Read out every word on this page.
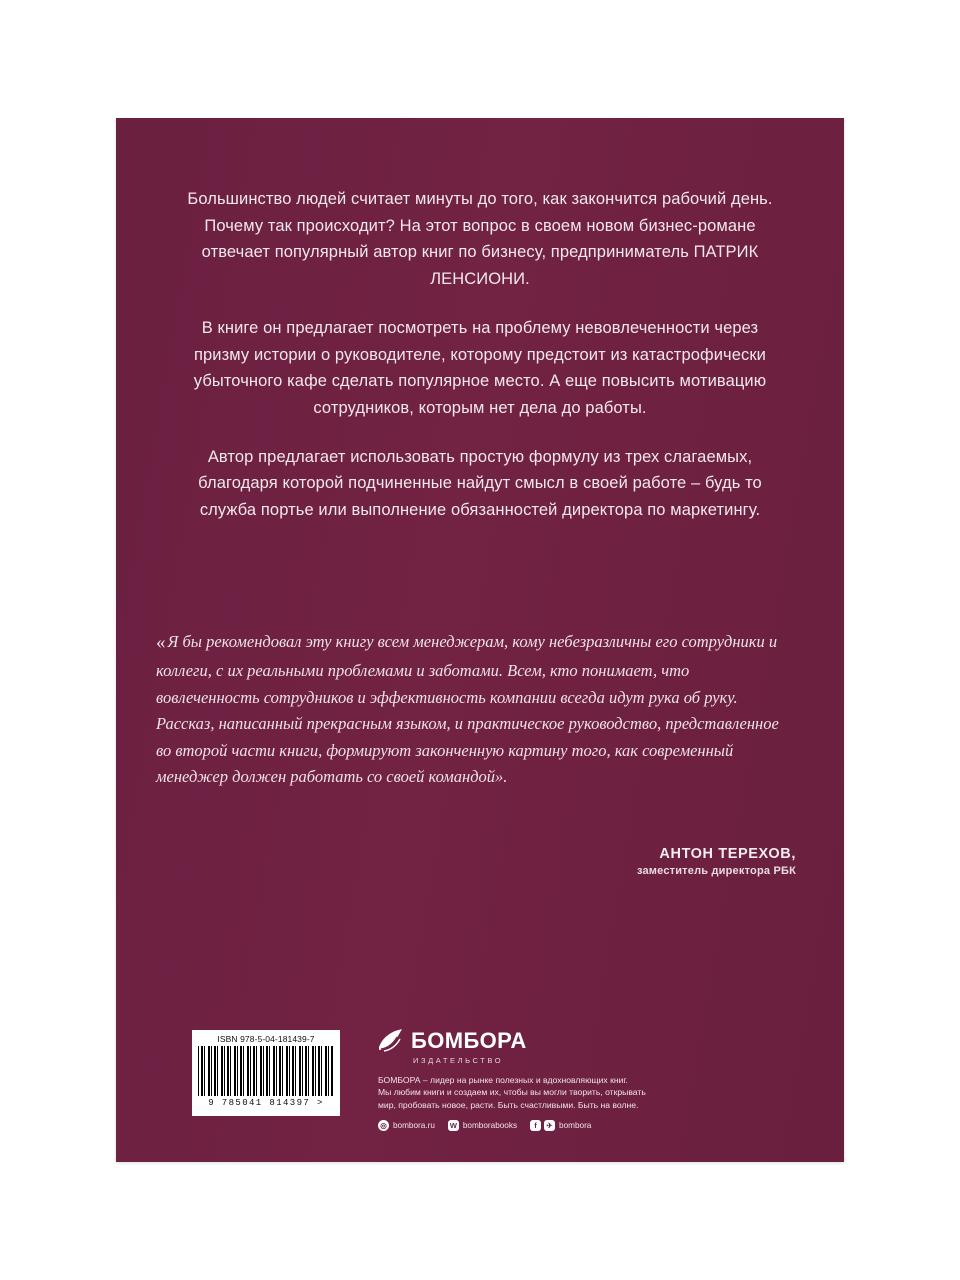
Большинство людей считает минуты до того, как закончится рабочий день. Почему так происходит? На этот вопрос в своем новом бизнес-романе отвечает популярный автор книг по бизнесу, предприниматель ПАТРИК ЛЕНСИОНИ.

В книге он предлагает посмотреть на проблему невовлеченности через призму истории о руководителе, которому предстоит из катастрофически убыточного кафе сделать популярное место. А еще повысить мотивацию сотрудников, которым нет дела до работы.

Автор предлагает использовать простую формулу из трех слагаемых, благодаря которой подчиненные найдут смысл в своей работе – будь то служба портье или выполнение обязанностей директора по маркетингу.

« Я бы рекомендовал эту книгу всем менеджерам, кому небезразличны его сотрудники и коллеги, с их реальными проблемами и заботами. Всем, кто понимает, что вовлеченность сотрудников и эффективность компании всегда идут рука об руку. Рассказ, написанный прекрасным языком, и практическое руководство, представленное во второй части книги, формируют законченную картину того, как современный менеджер должен работать со своей командой».
АНТОН ТЕРЕХОВ,
заместитель директора РБК
ISBN 978-5-04-181439-7
9 785041 814397 >
БОМБОРА
ИЗДАТЕЛЬСТВО
БОМБОРА – лидер на рынке полезных и вдохновляющих книг.
Мы любим книги и создаем их, чтобы вы могли творить, открывать
мир, пробовать новое, расти. Быть счастливыми. Быть на волне.
◎ bombora.ru W bomborabooks	f	✈ bombora
